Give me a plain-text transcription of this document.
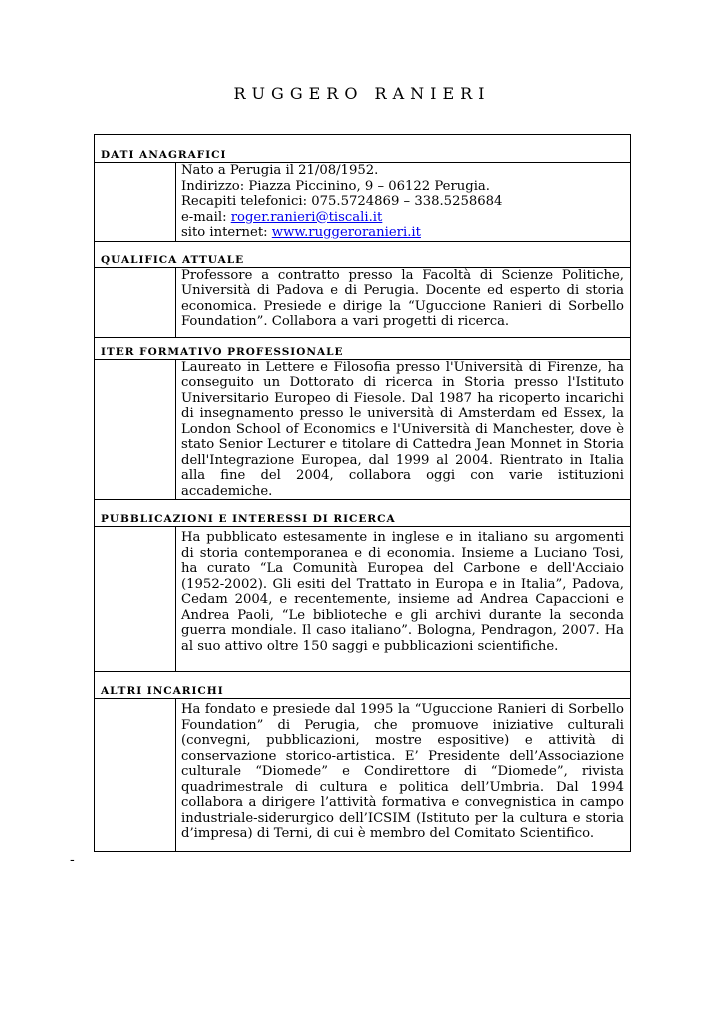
RUGGERO RANIERI
DATI ANAGRAFICI	

	Nato a Perugia il 21/08/1952.

Indirizzo: Piazza Piccinino, 9 – 06122 Perugia.

Recapiti telefonici: 075.5724869 – 338.5258684

e-mail: roger.ranieri@tiscali.it

sito internet: www.ruggeroranieri.it

QUALIFICA ATTUALE	
	Professore a contratto presso la Facoltà di Scienze Politiche, Università di Padova e di Perugia. Docente ed esperto di storia economica. Presiede e dirige la “Uguccione Ranieri di Sorbello Foundation”. Collabora a vari progetti di ricerca.
ITER FORMATIVO PROFESSIONALE	
	Laureato in Lettere e Filosofia presso l'Università di Firenze, ha conseguito un Dottorato di ricerca in Storia presso l'Istituto Universitario Europeo di Fiesole. Dal 1987 ha ricoperto incarichi di insegnamento presso le università di Amsterdam ed Essex, la London School of Economics e l'Università di Manchester, dove è stato Senior Lecturer e titolare di Cattedra Jean Monnet in Storia dell'Integrazione Europea, dal 1999 al 2004. Rientrato in Italia alla fine del 2004, collabora oggi con varie istituzioni accademiche.
PUBBLICAZIONI E INTERESSI DI RICERCA	
	Ha pubblicato estesamente in inglese e in italiano su argomenti di storia contemporanea e di economia. Insieme a Luciano Tosi, ha curato “La Comunità Europea del Carbone e dell'Acciaio (1952-2002). Gli esiti del Trattato in Europa e in Italia”, Padova, Cedam 2004, e recentemente, insieme ad Andrea Capaccioni e Andrea Paoli, “Le biblioteche e gli archivi durante la seconda guerra mondiale. Il caso italiano”. Bologna, Pendragon, 2007. Ha al suo attivo oltre 150 saggi e pubblicazioni scientifiche.
ALTRI INCARICHI	
	Ha fondato e presiede dal 1995 la “Uguccione Ranieri di Sorbello Foundation” di Perugia, che promuove iniziative culturali (convegni, pubblicazioni, mostre espositive) e attività di conservazione storico-artistica. E’ Presidente dell’Associazione culturale “Diomede” e Condirettore di “Diomede”, rivista quadrimestrale di cultura e politica dell’Umbria. Dal 1994 collabora a dirigere l’attività formativa e convegnistica in campo industriale-siderurgico dell’ICSIM (Istituto per la cultura e storia d’impresa) di Terni, di cui è membro del Comitato Scientifico.
-
